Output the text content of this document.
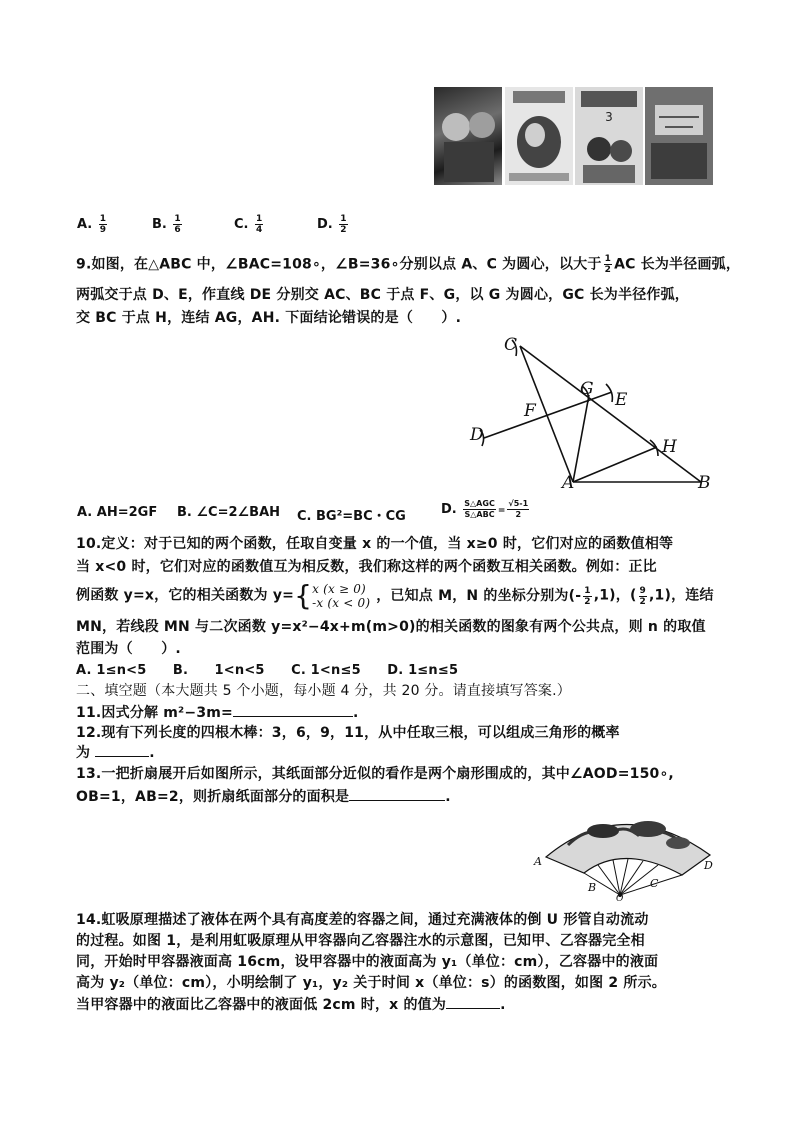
3
A. $\frac{1}{9}$	B. $\frac{1}{6}$	C. $\frac{1}{4}$	D. $\frac{1}{2}$
9.如图，在△ABC 中，∠BAC=108∘，∠B=36∘分别以点 A、C 为圆心，以大于 $\frac{1}{2}$ AC 长为半径画弧，
两弧交于点 D、E，作直线 DE 分别交 AC、BC 于点 F、G，以 G 为圆心，GC 长为半径作弧，
交 BC 于点 H，连结 AG，AH. 下面结论错误的是（　　）.
C
G
E
F
D
H
A	B
A. AH=2GF B. ∠C=2∠BAH C. BG²=BC・CG	D. $\frac{\text{S△AGC}}{\text{S△ABC}} = \frac{√5-1}{2}$
10.定义：对于已知的两个函数，任取自变量 x 的一个值，当 x≥0 时，它们对应的函数值相等
当 x<0 时，它们对应的函数值互为相反数，我们称这样的两个函数互相关函数。例如：正比
例函数 y=x，它的相关函数为 y={ x (x ≥ 0)
-x (x < 0) ，已知点 M，N 的坐标分别为(- $\frac{1}{2} ,1$)，( $\frac{9}{2} ,1$)，连结
MN，若线段 MN 与二次函数 y=x²−4x+m(m>0)的相关函数的图象有两个公共点，则 n 的取值
范围为（　　）.
A. 1≤n<5　　B.　　1<n<5　　C. 1<n≤5　　D. 1≤n≤5
二、填空题（本大题共 5 个小题，每小题 4 分，共 20 分。请直接填写答案.）
11.因式分解 m²−3m=	.
12.现有下列长度的四根木棒：3，6，9，11，从中任取三根，可以组成三角形的概率
为	.
13.一把折扇展开后如图所示，其纸面部分近似的看作是两个扇形围成的，其中∠AOD=150∘,
OB=1，AB=2，则折扇纸面部分的面积是	.
A
B	C
D
O
14.虹吸原理描述了液体在两个具有高度差的容器之间，通过充满液体的倒 U 形管自动流动
的过程。如图 1，是利用虹吸原理从甲容器向乙容器注水的示意图，已知甲、乙容器完全相
同，开始时甲容器液面高 16cm，设甲容器中的液面高为 y₁（单位：cm），乙容器中的液面
高为 y₂（单位：cm），小明绘制了 y₁，y₂ 关于时间 x（单位：s）的函数图，如图 2 所示。
当甲容器中的液面比乙容器中的液面低 2cm 时，x 的值为	.
